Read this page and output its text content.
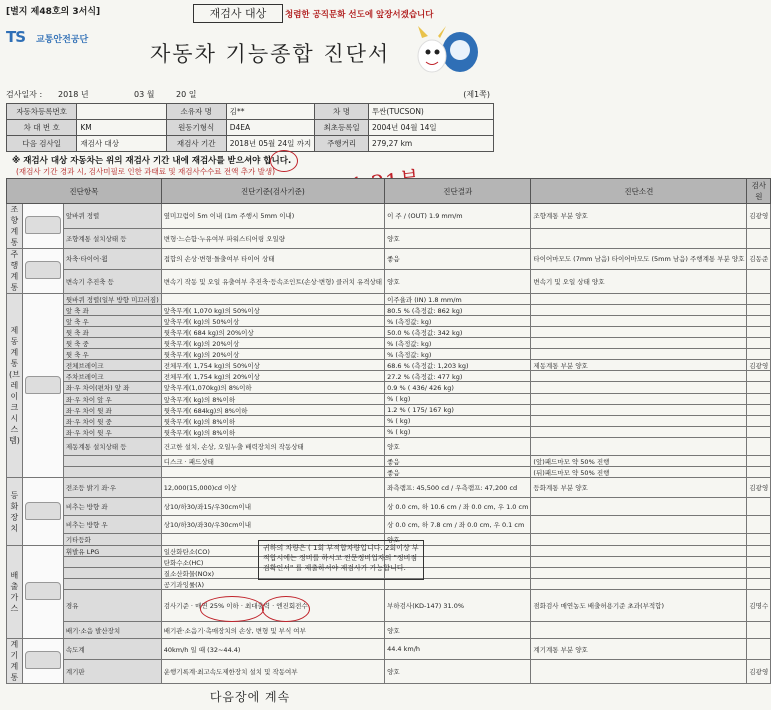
[별지 제48호의 3서식]	재검사 대상	청렴한 공직문화 선도에 앞장서겠습니다
TS 교통안전공단
자동차 기능종합 진단서
검사일자 : 2018 년	03 월	20 일	(제1쪽)
자동차등록번호		소유자 명	김**	차 명	투싼(TUCSON)
차 대 번 호	KM	원동기형식	D4EA	최초등록일	2004년 04월 14일
다음 검사일	재검사 대상	재검사 기간	2018년 05월 24일 까지	주행거리	279,27 km
※ 재검사 대상 자동차는 위의 재검사 기간 내에 재검사를 받으셔야 합니다.
(재검사 기간 경과 시, 검사미필로 인한 과태료 및 재검사수수료 전액 추가 발생)
진단항목			진단기준(검사기준)	진단결과	진단소견	검사원
조향계통		앞바퀴 정렬	옆미끄럼이 5m 이내 (1m 주행시 5mm 이내)	이 주 / (OUT) 1.9 mm/m	조향계통 부분 양호	김광영
		조향계통 설치상태 등	변형·느슨함·누유여부 파워스티어링 오일량	양호		
주행계통		차축·타이어·휠	접합의 손상·변형·돌출여부 타이어 상태	좋음	타이어마모도 (7mm 남음) 타이어마모도 (5mm 남음) 주행계통 부분 양호	김동준
		변속기 추진축 등	변속기 작동 및 오일 유출여부 추진축·등속조인트(손상·변형) 클러치 유격상태	양호	변속기 및 오일 상태 양호	
제동계통(브레이크시스템)		뒷바퀴 정렬(일부 방향 미끄러짐)		이주율과 (IN) 1.8 mm/m		
		앞 축 좌	앞축무게( 1,070 kg)의 50%이상	80.5 % (측정값: 862 kg)		
		앞 축 우	앞축무게( kg)의 50%이상	% (측정값: kg)		
		뒷 축 좌	뒷축무게( 684 kg)의 20%이상	50.0 % (측정값: 342 kg)		
		뒷 축 중	뒷축무게( kg)의 20%이상	% (측정값: kg)		
		뒷 축 우	뒷축무게( kg)의 20%이상	% (측정값: kg)		
		전체브레이크	전체무게( 1,754 kg)의 50%이상	68.6 % (측정값: 1,203 kg)	제동계통 부분 양호	김광영
		주차브레이크	전체무게( 1,754 kg)의 20%이상	27.2 % (측정값: 477 kg)		
		좌·우 차이(편차) 앞 좌	앞축무게(1,070kg)의 8%이하	0.9 % ( 436/ 426 kg)		
		좌·우 차이 앞 우	앞축무게( kg)의 8%이하	% ( kg)		
		좌·우 차이 뒷 좌	뒷축무게( 684kg)의 8%이하	1.2 % ( 175/ 167 kg)		
		좌·우 차이 뒷 중	뒷축무게( kg)의 8%이하	% ( kg)		
		좌·우 차이 뒷 우	뒷축무게( kg)의 8%이하	% ( kg)		
		제동계통 설치상태 등	건고한 설치, 손상, 오일누출 배력장치의 작동상태	양호		
			디스크 · 패드상태	좋음	(앞)패드마모 약 50% 진행	
				좋음	(뒤)패드마모 약 50% 진행	
등화장치		전조등 밝기 좌·우	12,000(15,000)cd 이상	좌측램프: 45,500 cd / 우측램프: 47,200 cd	등화계통 부분 양호	김광영
		비추는 방향 좌	상10/하30/좌15/우30cm이내	상 0.0 cm, 하 10.6 cm / 좌 0.0 cm, 우 1.0 cm		
		비추는 방향 우	상10/하30/좌30/우30cm이내	상 0.0 cm, 하 7.8 cm / 좌 0.0 cm, 우 0.1 cm		
		기타등화		양호		
배출가스		휘발유 LPG	일산화탄소(CO)			
			탄화수소(HC)			
			질소산화물(NOx)			
			공기과잉률(λ)			
		경유	검사기준 · 매연 25% 이하 · 최대출력 · 엔진회전수	부하검사(KD-147) 31.0%	점화검사 매연농도 배출허용기준 초과(부적합)	김명수
		배기·소음 발산장치	배기관·소음기·촉매장치의 손상, 변형 및 부식 여부	양호		
계기계통		속도계	40km/h 일 때 (32~44.4)	44.4 km/h	계기계통 부분 양호	
		계기판	운행기록계·최고속도제한장치 설치 및 작동여부	양호		김광영
귀하의 차량은 ( 1회 부적합차량입니다. 2회이상 부적합시에는 정비를 하시고 전문정비업자의 "정비점검확인서" 를 제출하셔야 재검사가 가능합니다.
다음장에 계속
